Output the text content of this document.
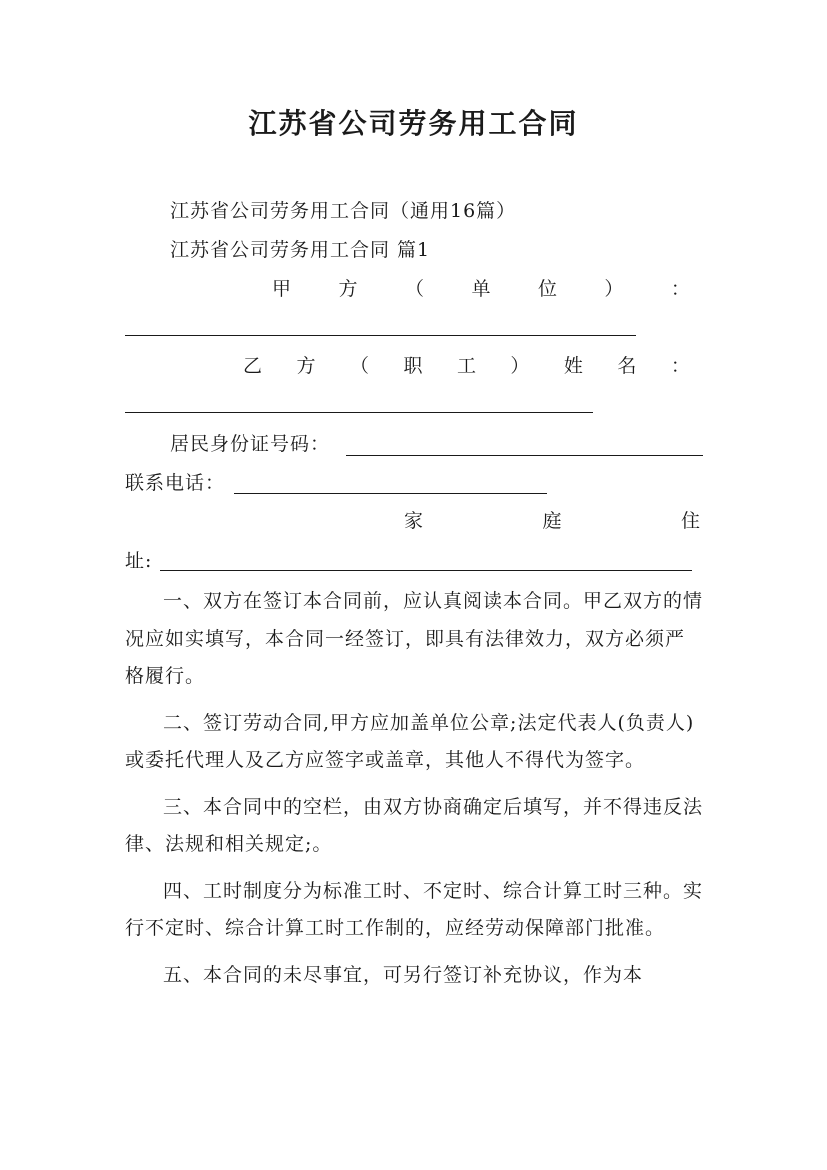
江苏省公司劳务用工合同
江苏省公司劳务用工合同（通用16篇）
江苏省公司劳务用工合同 篇1
甲 方 （ 单 位 ） ：
乙 方 （ 职 工 ） 姓 名 ：
居民身份证号码：
联系电话：
家	庭	住
址:

一、双方在签订本合同前，应认真阅读本合同。甲乙双方的情况应如实填写，本合同一经签订，即具有法律效力，双方必须严格履行。

二、签订劳动合同,甲方应加盖单位公章;法定代表人(负责人)或委托代理人及乙方应签字或盖章，其他人不得代为签字。

三、本合同中的空栏，由双方协商确定后填写，并不得违反法律、法规和相关规定;。

四、工时制度分为标准工时、不定时、综合计算工时三种。实行不定时、综合计算工时工作制的，应经劳动保障部门批准。

五、本合同的未尽事宜，可另行签订补充协议，作为本
